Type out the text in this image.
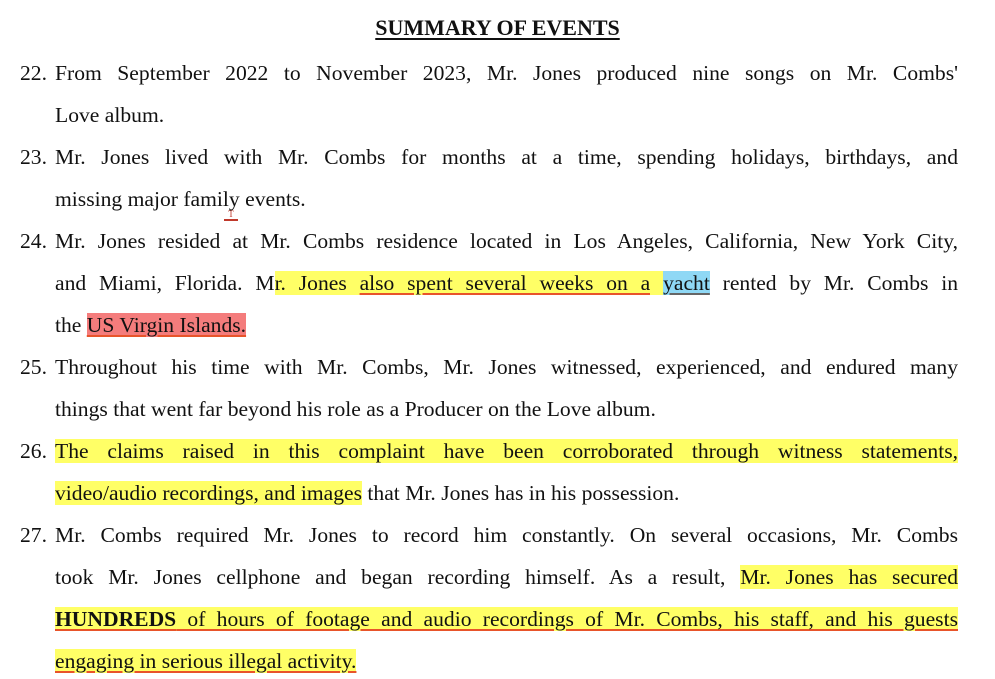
SUMMARY OF EVENTS
22. From September 2022 to November 2023, Mr. Jones produced nine songs on Mr. Combs'
Love album.
23. Mr. Jones lived with Mr. Combs for months at a time, spending holidays, birthdays, and
missing major family events.
24. Mr. Jones resided at Mr. Combs residence located in Los Angeles, California, New York City,
and Miami, Florida. Mr. Jones also spent several weeks on a yacht rented by Mr. Combs in
the US Virgin Islands.
25. Throughout his time with Mr. Combs, Mr. Jones witnessed, experienced, and endured many
things that went far beyond his role as a Producer on the Love album.
26. The claims raised in this complaint have been corroborated through witness statements,
video/audio recordings, and images that Mr. Jones has in his possession.
27. Mr. Combs required Mr. Jones to record him constantly. On several occasions, Mr. Combs
took Mr. Jones cellphone and began recording himself. As a result, Mr. Jones has secured
HUNDREDS of hours of footage and audio recordings of Mr. Combs, his staff, and his guests
engaging in serious illegal activity.
T
